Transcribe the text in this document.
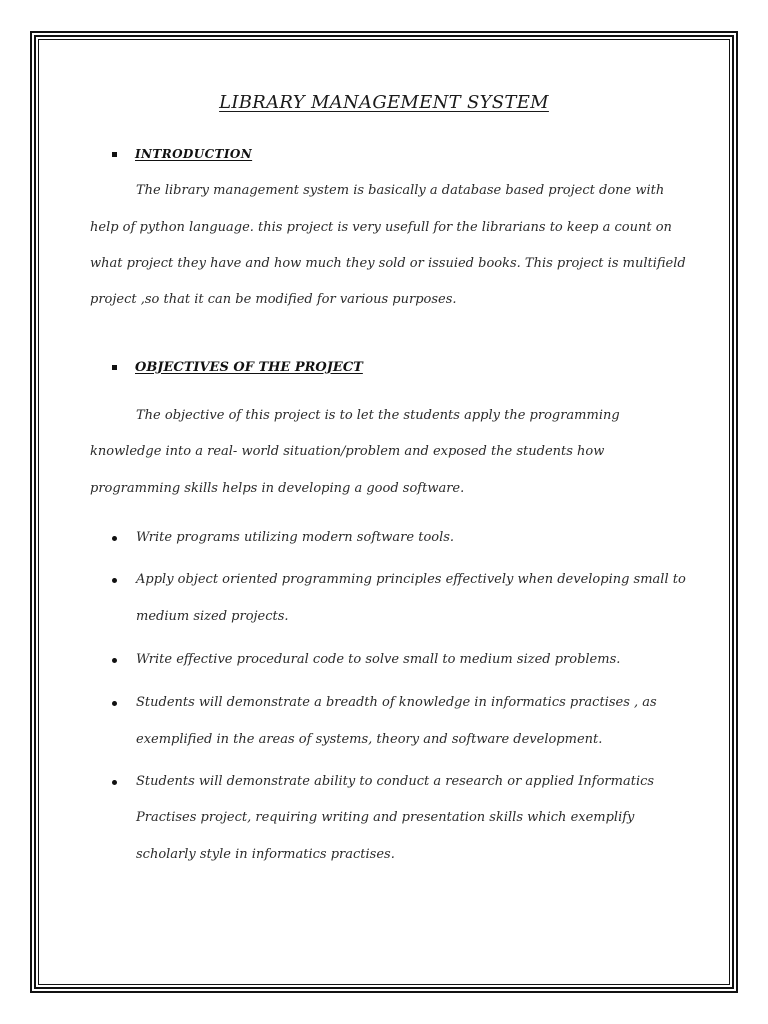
LIBRARY MANAGEMENT SYSTEM
INTRODUCTION
The library management system is basically a database based project done with
help of python language. this project is very usefull for the librarians to keep a count on
what project they have and how much they sold or issuied books. This project is multifield
project ,so that it can be modified for various purposes.
OBJECTIVES OF THE PROJECT
The objective of this project is to let the students apply the programming
knowledge into a real- world situation/problem and exposed the students how
programming skills helps in developing a good software.
Write programs utilizing modern software tools.
Apply object oriented programming principles effectively when developing small to
medium sized projects.
Write effective procedural code to solve small to medium sized problems.
Students will demonstrate a breadth of knowledge in informatics practises , as
exemplified in the areas of systems, theory and software development.
Students will demonstrate ability to conduct a research or applied Informatics
Practises project, requiring writing and presentation skills which exemplify
scholarly style in informatics practises.
